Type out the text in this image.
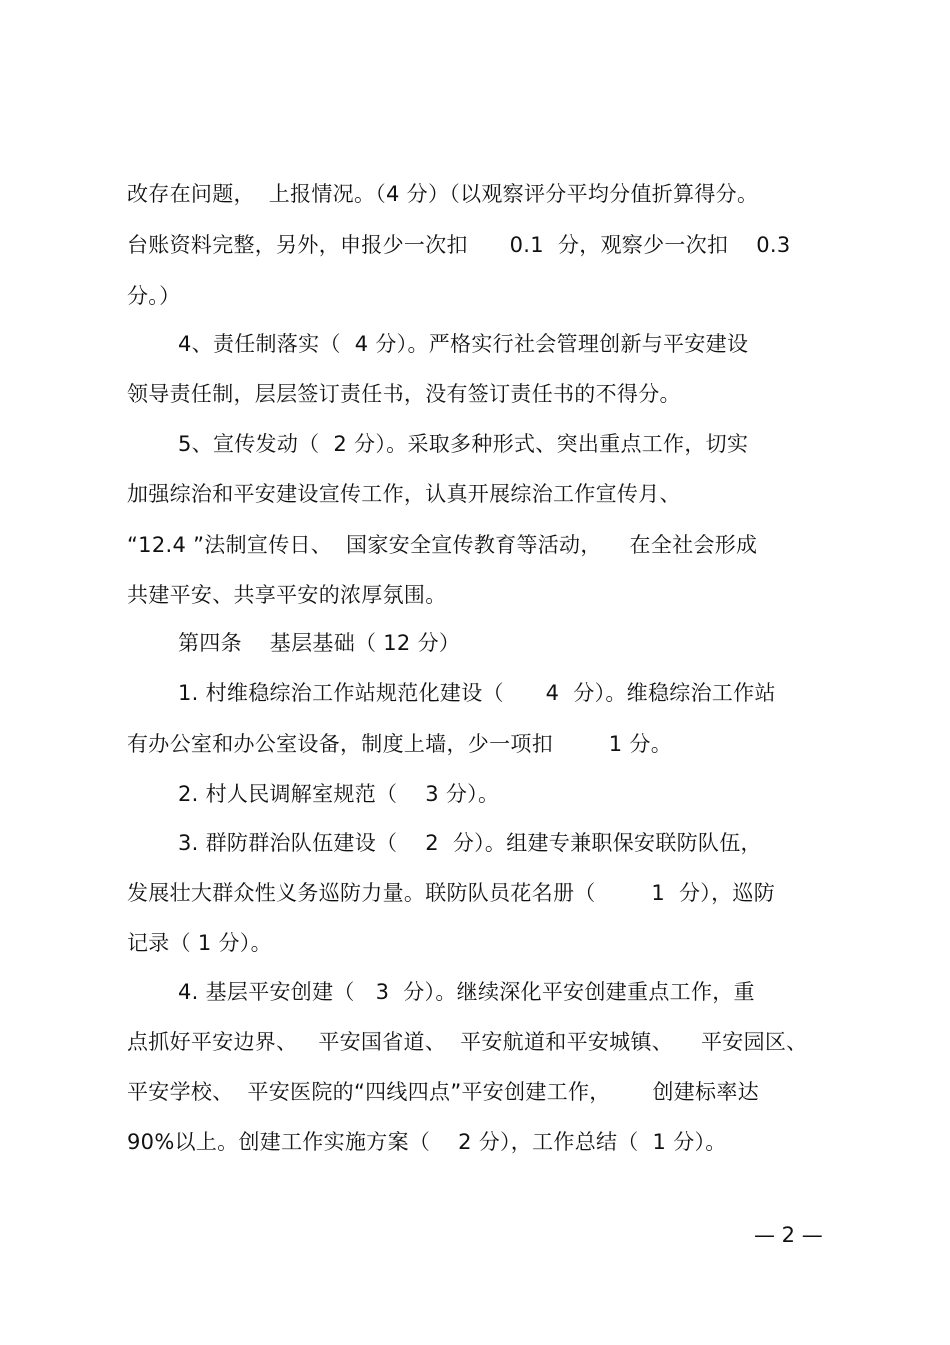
改存在问题，  上报情况。（4 分）（以观察评分平均分值折算得分。
台账资料完整，另外，申报少一次扣      0.1  分，观察少一次扣    0.3
分。）
4、责任制落实（  4 分）。严格实行社会管理创新与平安建设
领导责任制，层层签订责任书，没有签订责任书的不得分。
5、宣传发动（  2 分）。采取多种形式、突出重点工作，切实
加强综治和平安建设宣传工作，认真开展综治工作宣传月、
“12.4 ”法制宣传日、  国家安全宣传教育等活动，    在全社会形成
共建平安、共享平安的浓厚氛围。
第四条    基层基础（ 12 分）
1. 村维稳综治工作站规范化建设（      4  分）。维稳综治工作站
有办公室和办公室设备，制度上墙，少一项扣        1 分。
2. 村人民调解室规范（    3 分）。
3. 群防群治队伍建设（    2  分）。组建专兼职保安联防队伍，
发展壮大群众性义务巡防力量。联防队员花名册（        1  分），巡防
记录（ 1 分）。
4. 基层平安创建（   3  分）。继续深化平安创建重点工作，重
点抓好平安边界、   平安国省道、  平安航道和平安城镇、    平安园区、
平安学校、  平安医院的“四线四点”平安创建工作，      创建标率达
90%以上。创建工作实施方案（    2 分），工作总结（  1 分）。
— 2 —
